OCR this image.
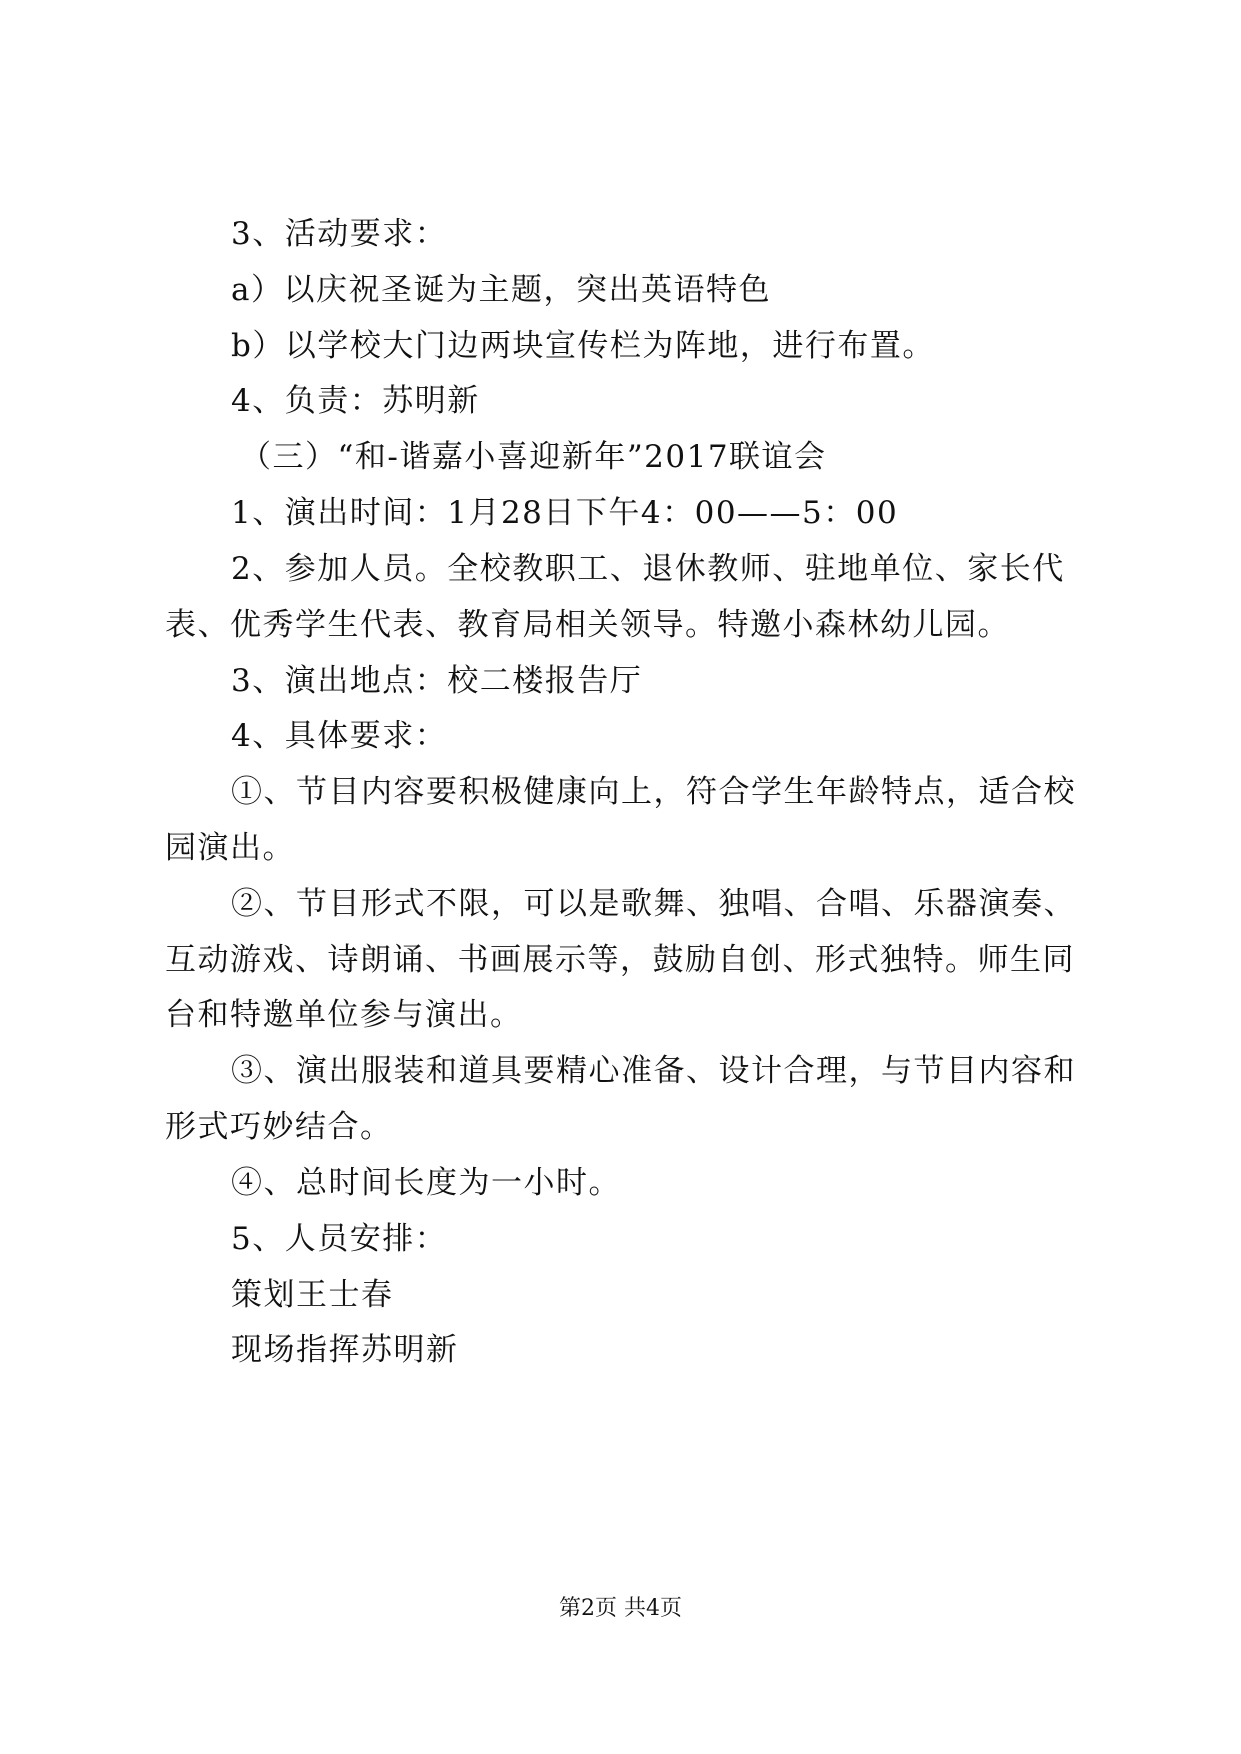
3、活动要求：
a）以庆祝圣诞为主题，突出英语特色
b）以学校大门边两块宣传栏为阵地，进行布置。
4、负责：苏明新
（三）“和-谐嘉小喜迎新年”2017联谊会
1、演出时间：1月28日下午4：00——5：00
2、参加人员。全校教职工、退休教师、驻地单位、家长代
表、优秀学生代表、教育局相关领导。特邀小森林幼儿园。
3、演出地点：校二楼报告厅
4、具体要求：
①、节目内容要积极健康向上，符合学生年龄特点，适合校
园演出。
②、节目形式不限，可以是歌舞、独唱、合唱、乐器演奏、
互动游戏、诗朗诵、书画展示等，鼓励自创、形式独特。师生同
台和特邀单位参与演出。
③、演出服装和道具要精心准备、设计合理，与节目内容和
形式巧妙结合。
④、总时间长度为一小时。
5、人员安排：
策划王士春
现场指挥苏明新
第2页 共4页
